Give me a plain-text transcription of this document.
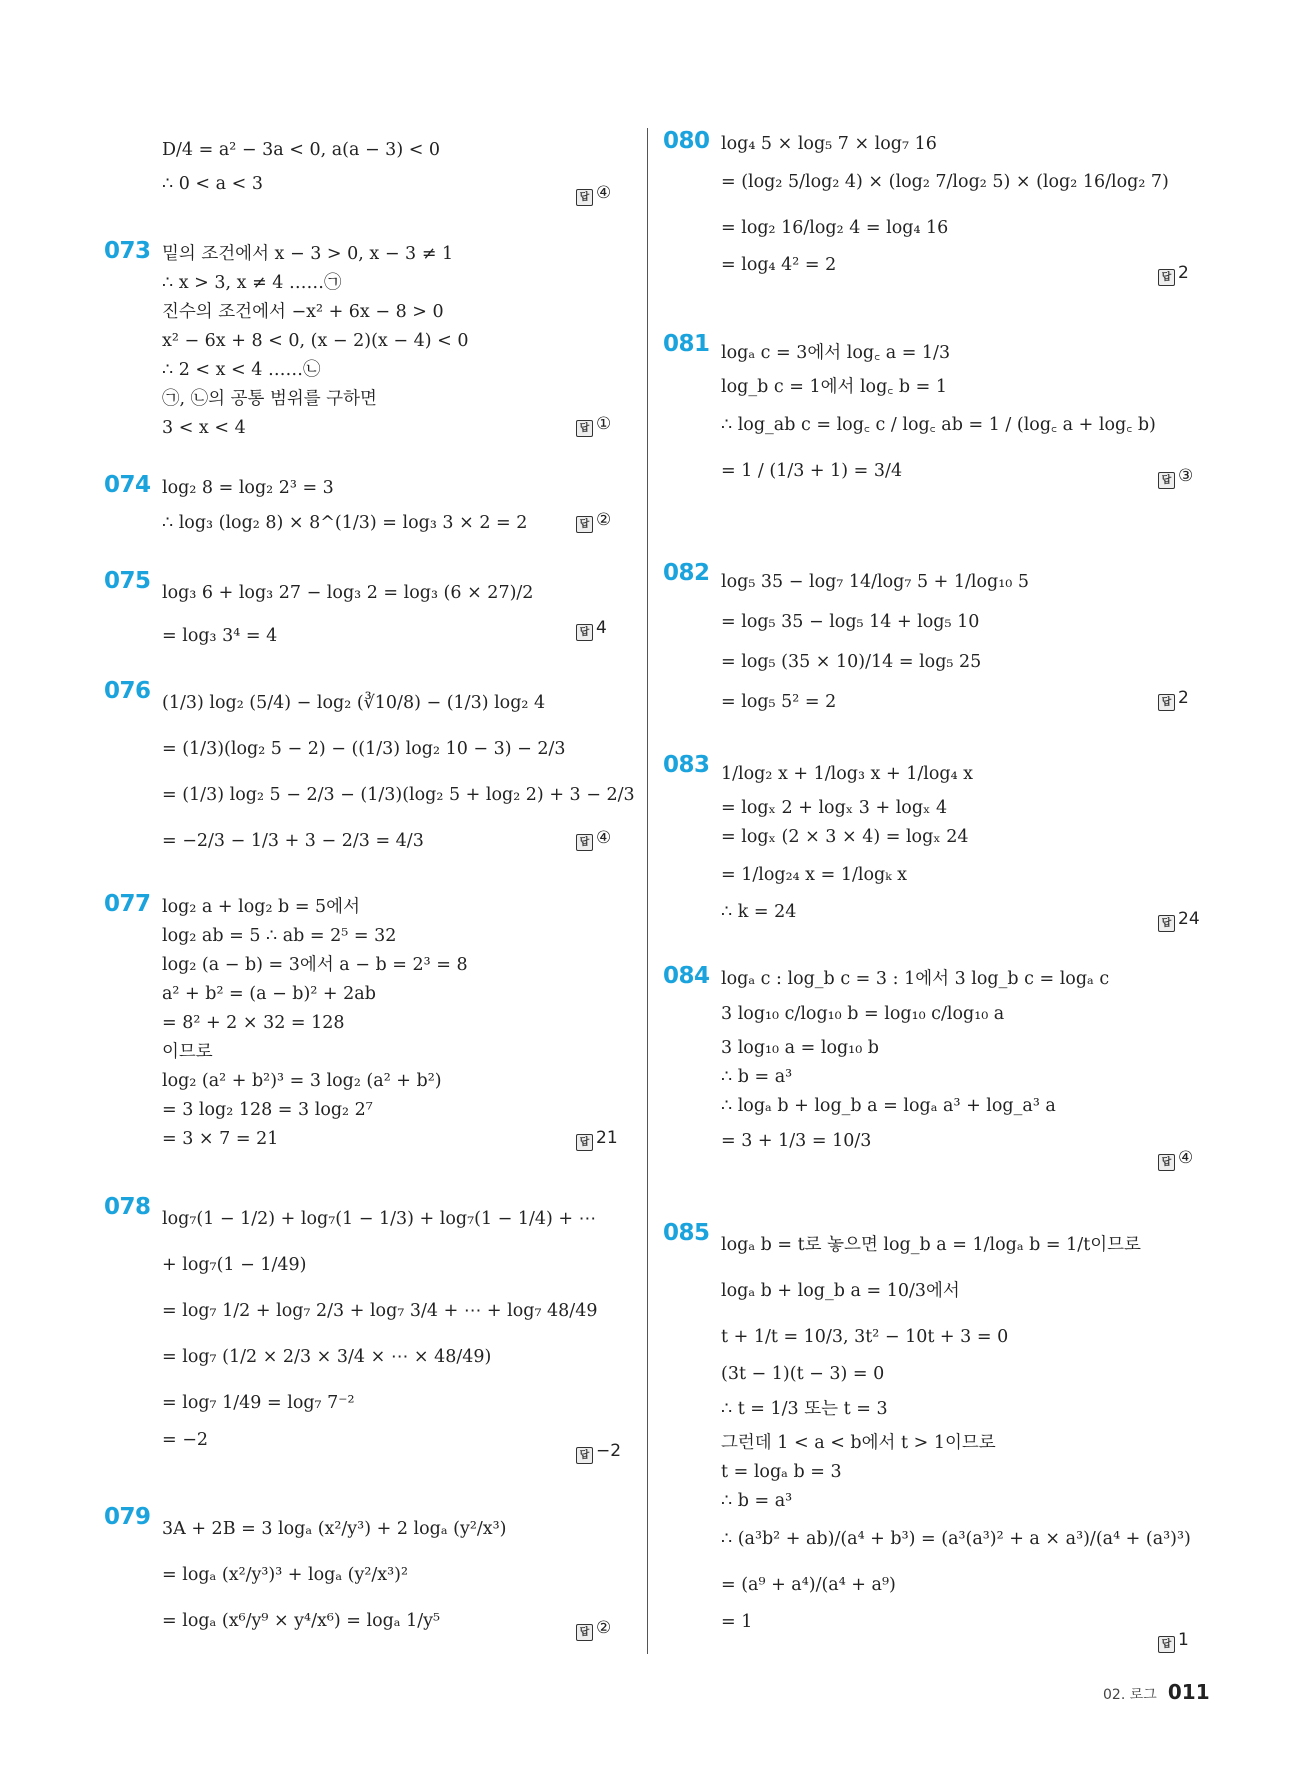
D/4 = a² − 3a < 0, a(a − 3) < 0
∴ 0 < a < 3
답 ④
073 밑의 조건에서 x − 3 > 0, x − 3 ≠ 1
∴ x > 3, x ≠ 4 ……㉠
진수의 조건에서 −x² + 6x − 8 > 0
x² − 6x + 8 < 0, (x − 2)(x − 4) < 0
∴ 2 < x < 4 ……㉡
㉠, ㉡의 공통 범위를 구하면
3 < x < 4	답 ①
074 log₂ 8 = log₂ 2³ = 3
∴ log₃ (log₂ 8) × 8^(1/3) = log₃ 3 × 2 = 2	답 ②
075 log₃ 6 + log₃ 27 − log₃ 2 = log₃ (6 × 27)/2
= log₃ 3⁴ = 4	답 4
076 (1/3) log₂ (5/4) − log₂ (∛10/8) − (1/3) log₂ 4
= (1/3)(log₂ 5 − 2) − ((1/3) log₂ 10 − 3) − 2/3
= (1/3) log₂ 5 − 2/3 − (1/3)(log₂ 5 + log₂ 2) + 3 − 2/3
= −2/3 − 1/3 + 3 − 2/3 = 4/3	답 ④
077 log₂ a + log₂ b = 5에서
log₂ ab = 5 ∴ ab = 2⁵ = 32
log₂ (a − b) = 3에서 a − b = 2³ = 8
a² + b² = (a − b)² + 2ab
= 8² + 2 × 32 = 128
이므로
log₂ (a² + b²)³ = 3 log₂ (a² + b²)
= 3 log₂ 128 = 3 log₂ 2⁷
= 3 × 7 = 21	답 21
078 log₇(1 − 1/2) + log₇(1 − 1/3) + log₇(1 − 1/4) + ⋯
+ log₇(1 − 1/49)
= log₇ 1/2 + log₇ 2/3 + log₇ 3/4 + ⋯ + log₇ 48/49
= log₇ (1/2 × 2/3 × 3/4 × ⋯ × 48/49)
= log₇ 1/49 = log₇ 7⁻²
= −2
답 −2
079 3A + 2B = 3 logₐ (x²/y³) + 2 logₐ (y²/x³)
= logₐ (x²/y³)³ + logₐ (y²/x³)²
= logₐ (x⁶/y⁹ × y⁴/x⁶) = logₐ 1/y⁵
답 ②
080 log₄ 5 × log₅ 7 × log₇ 16
= (log₂ 5/log₂ 4) × (log₂ 7/log₂ 5) × (log₂ 16/log₂ 7)
= log₂ 16/log₂ 4 = log₄ 16
= log₄ 4² = 2
답 2
081 logₐ c = 3에서 log꜀ a = 1/3
log_b c = 1에서 log꜀ b = 1
∴ log_ab c = log꜀ c / log꜀ ab = 1 / (log꜀ a + log꜀ b)
= 1 / (1/3 + 1) = 3/4	답 ③
082 log₅ 35 − log₇ 14/log₇ 5 + 1/log₁₀ 5
= log₅ 35 − log₅ 14 + log₅ 10
= log₅ (35 × 10)/14 = log₅ 25
= log₅ 5² = 2	답 2
083 1/log₂ x + 1/log₃ x + 1/log₄ x
= logₓ 2 + logₓ 3 + logₓ 4
= logₓ (2 × 3 × 4) = logₓ 24
= 1/log₂₄ x = 1/logₖ x
∴ k = 24
답 24
084 logₐ c : log_b c = 3 : 1에서 3 log_b c = logₐ c
3 log₁₀ c/log₁₀ b = log₁₀ c/log₁₀ a
3 log₁₀ a = log₁₀ b
∴ b = a³
∴ logₐ b + log_b a = logₐ a³ + log_a³ a
= 3 + 1/3 = 10/3
답 ④
085 logₐ b = t로 놓으면 log_b a = 1/logₐ b = 1/t이므로
logₐ b + log_b a = 10/3에서
t + 1/t = 10/3, 3t² − 10t + 3 = 0
(3t − 1)(t − 3) = 0
∴ t = 1/3 또는 t = 3
그런데 1 < a < b에서 t > 1이므로
t = logₐ b = 3
∴ b = a³
∴ (a³b² + ab)/(a⁴ + b³) = (a³(a³)² + a × a³)/(a⁴ + (a³)³)
= (a⁹ + a⁴)/(a⁴ + a⁹)
= 1
답 1
02. 로그 011
